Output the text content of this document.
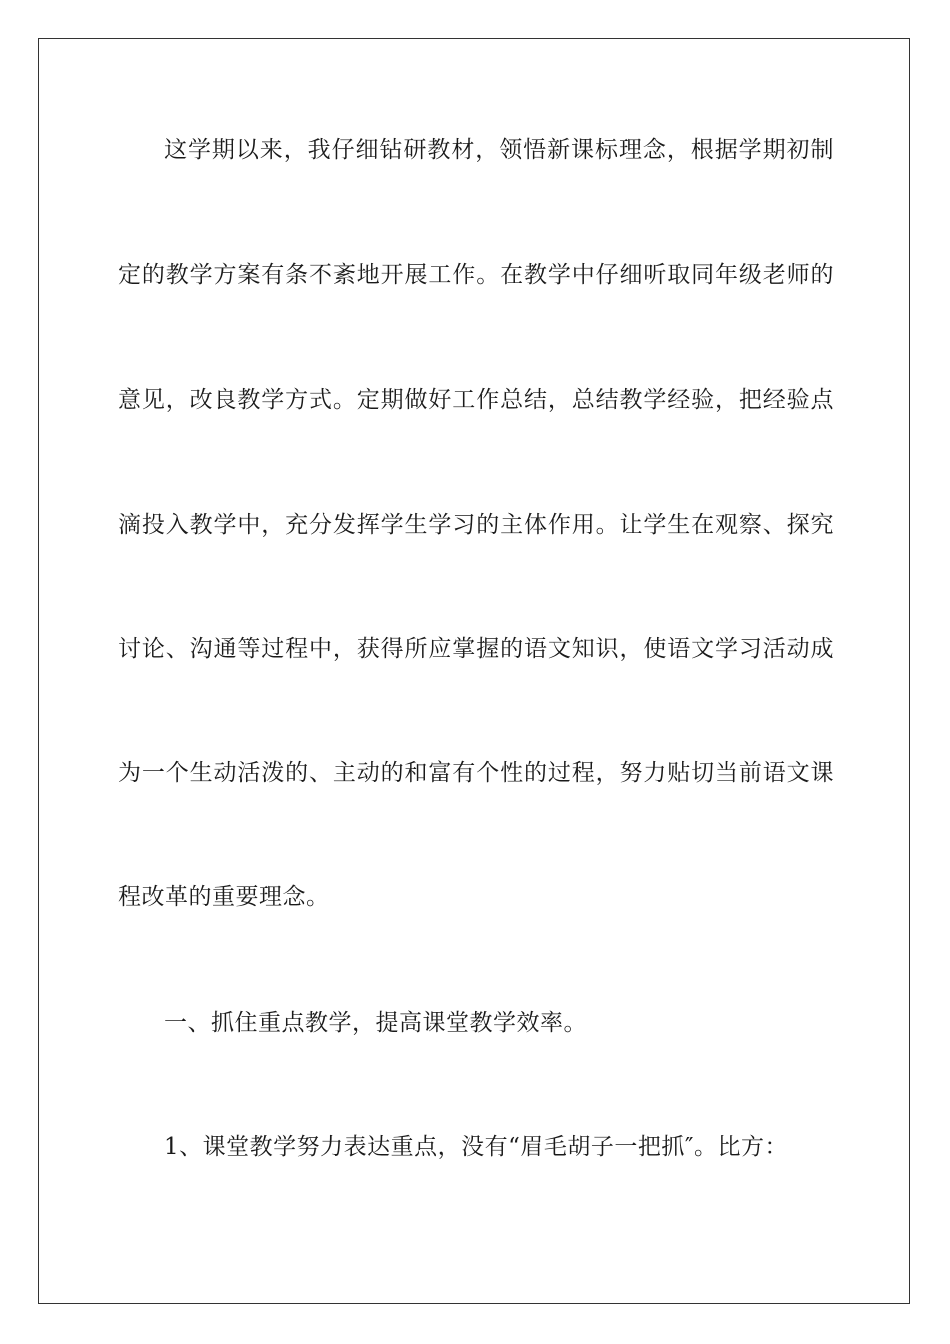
这学期以来，我仔细钻研教材，领悟新课标理念，根据学期初制
定的教学方案有条不紊地开展工作。在教学中仔细听取同年级老师的
意见，改良教学方式。定期做好工作总结，总结教学经验，把经验点
滴投入教学中，充分发挥学生学习的主体作用。让学生在观察、探究
讨论、沟通等过程中，获得所应掌握的语文知识，使语文学习活动成
为一个生动活泼的、主动的和富有个性的过程，努力贴切当前语文课
程改革的重要理念。
一、抓住重点教学，提高课堂教学效率。
1、课堂教学努力表达重点，没有“眉毛胡子一把抓″。比方：
